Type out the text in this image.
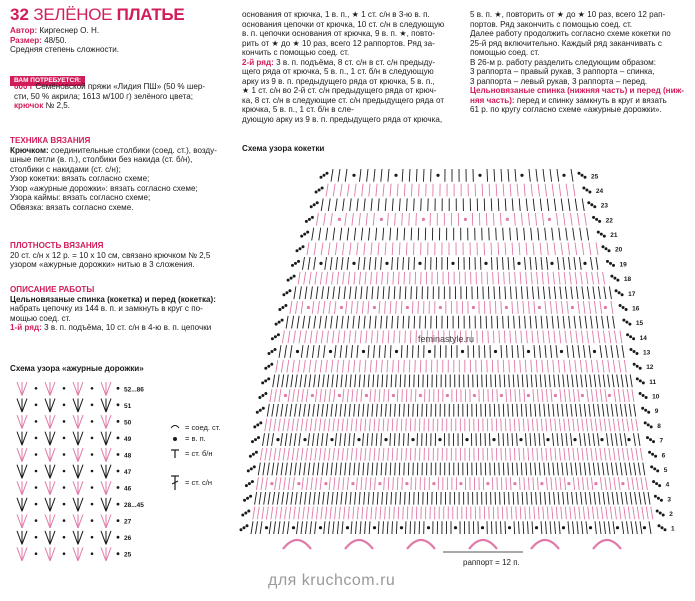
32 ЗЕЛЁНОЕ ПЛАТЬЕ

Автор: Киргеснер О. Н.

Размер: 48/50.

Средняя степень сложности.

ВАМ ПОТРЕБУЕТСЯ:

600 г Семёновской пряжи «Лидия ПШ» (50 % шер-

сти, 50 % акрила; 1613 м/100 г) зелёного цвета;

крючок № 2,5.

ТЕХНИКА ВЯЗАНИЯ

Крючком: соединительные столбики (соед. ст.), возду-

шные петли (в. п.), столбики без накида (ст. б/н),

столбики с накидами (ст. с/н);

Узор кокетки: вязать согласно схеме;

Узор «ажурные дорожки»: вязать согласно схеме;

Узора каймы: вязать согласно схеме;

Обвязка: вязать согласно схеме.

ПЛОТНОСТЬ ВЯЗАНИЯ

20 ст. с/н х 12 р. = 10 х 10 см, связано крючком № 2,5

узором «ажурные дорожки» нитью в 3 сложения.

ОПИСАНИЕ РАБОТЫ

Цельновязаные спинка (кокетка) и перед (кокетка):

набрать цепочку из 144 в. п. и замкнуть в круг с по-

мощью соед. ст.

1-й ряд: 3 в. п. подъёма, 10 ст. с/н в 4-ю в. п. цепочки

основания от крючка, 1 в. п., ★ 1 ст. с/н в 3-ю в. п.

основания цепочки от крючка, 10 ст. с/н в следующую

в. п. цепочки основания от крючка, 9 в. п. ★, повто-

рить от ★ до ★ 10 раз, всего 12 раппортов. Ряд за-

кончить с помощью соед. ст.

2-й ряд: 3 в. п. подъёма, 8 ст. с/н в ст. с/н предыду-

щего ряда от крючка, 5 в. п., 1 ст. б/н в следующую

арку из 9 в. п. предыдущего ряда от крючка, 5 в. п.,

★ 1 ст. с/н во 2-й ст. с/н предыдущего ряда от крюч-

ка, 8 ст. с/н в следующие ст. с/н предыдущего ряда от

крючка, 5 в. п., 1 ст. б/н в сле-

дующую арку из 9 в. п. предыдущего ряда от крючка,

5 в. п. ★, повторить от ★ до ★ 10 раз, всего 12 рап-

портов. Ряд закончить с помощью соед. ст.

Далее работу продолжить согласно схеме кокетки по

25-й ряд включительно. Каждый ряд заканчивать с

помощью соед. ст.

В 26-м р. работу разделить следующим образом:

3 раппорта – правый рукав, 3 раппорта – спинка,

3 раппорта – левый рукав, 3 раппорта – перед.

Цельновязаные спинка (нижняя часть) и перед (ниж-

няя часть): перед и спинку замкнуть в круг и вязать

61 р. по кругу согласно схеме «ажурные дорожки».

Схема узора кокетки
25
24
23
22
21
20
19
18
17
16
15
14
13
12
11
10
9
8
7
6
5
4
3
2
1
feminastyle.ru
раппорт = 12 п.
Схема узора «ажурные дорожки»
52...86
51
50
49
48
47
46
28...45
27
26
25
= соед. ст.
= в. п.
= ст. б/н
= ст. с/н
для kruchcom.ru
